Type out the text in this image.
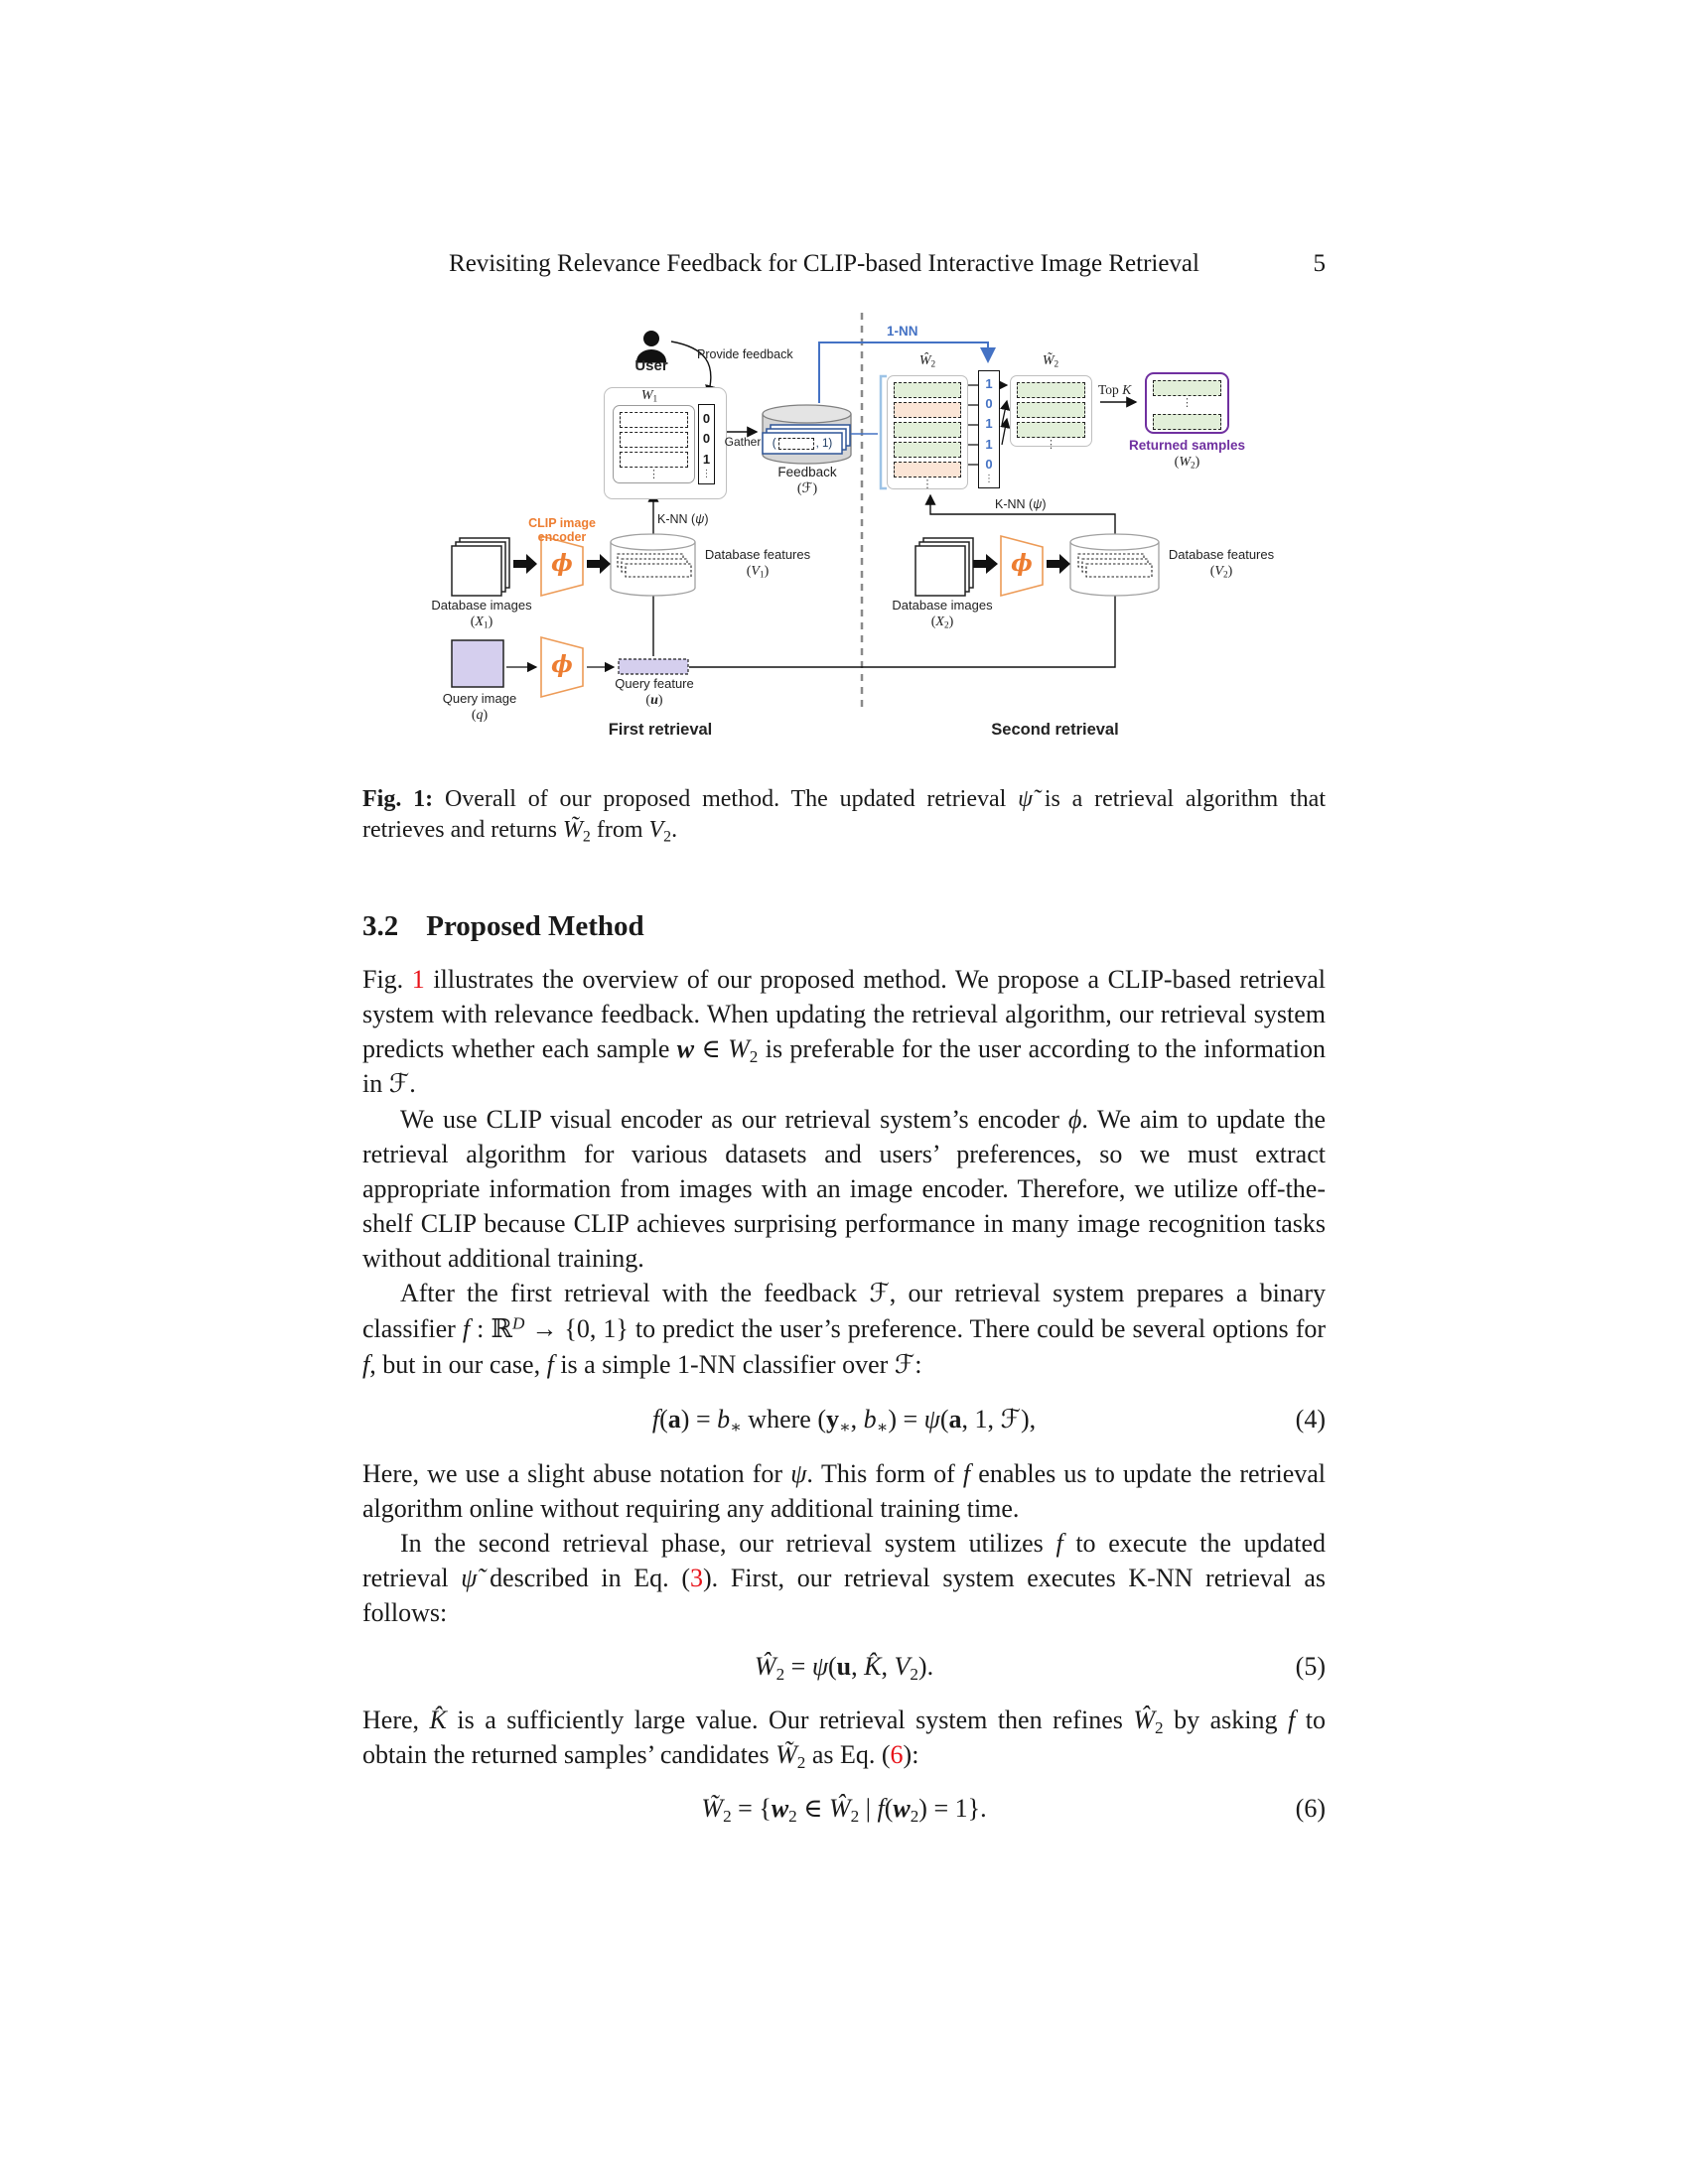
Revisiting Relevance Feedback for CLIP-based Interactive Image Retrieval	5
User
Provide feedback
W1
⋮
0
0
1
⋮
Gather (	, 1)
Feedback
(ℱ)
K-NN (ψ)
CLIP image encoder
Database images
(X1)
Database features
(V1)
Query image
(q)
Query feature
(u)
First retrieval
ϕ
ϕ
ϕ
1-NN
Ŵ2
⋮
1
0
1
1
0
⋮
W̃2
⋮
Top K
⋮
Returned samples
(W2)
K-NN (ψ)
Database images
(X2)
Database features
(V2)
Second retrieval
Fig. 1: Overall of our proposed method. The updated retrieval ψ̃ is a retrieval algorithm that retrieves and returns W̃2 from V2.
3.2 Proposed Method

Fig. 1 illustrates the overview of our proposed method. We propose a CLIP-based retrieval system with relevance feedback. When updating the retrieval algorithm, our retrieval system predicts whether each sample w ∈ W2 is preferable for the user according to the information in ℱ.

We use CLIP visual encoder as our retrieval system’s encoder ϕ. We aim to update the retrieval algorithm for various datasets and users’ preferences, so we must extract appropriate information from images with an image encoder. Therefore, we utilize off-the-shelf CLIP because CLIP achieves surprising performance in many image recognition tasks without additional training.

After the first retrieval with the feedback ℱ, our retrieval system prepares a binary classifier f : ℝ$^D$ → {0, 1} to predict the user’s preference. There could be several options for f, but in our case, f is a simple 1-NN classifier over ℱ:

f(a) = b∗ where (y∗, b∗) = ψ(a, 1, ℱ),	(4)

Here, we use a slight abuse notation for ψ. This form of f enables us to update the retrieval algorithm online without requiring any additional training time.

In the second retrieval phase, our retrieval system utilizes f to execute the updated retrieval ψ̃ described in Eq. (3). First, our retrieval system executes K-NN retrieval as follows:

Ŵ2 = ψ(u, K̂, V2).	(5)

Here, K̂ is a sufficiently large value. Our retrieval system then refines Ŵ2 by asking f to obtain the returned samples’ candidates W̃2 as Eq. (6):

W̃2 = {w2 ∈ Ŵ2 | f(w2) = 1}.	(6)
